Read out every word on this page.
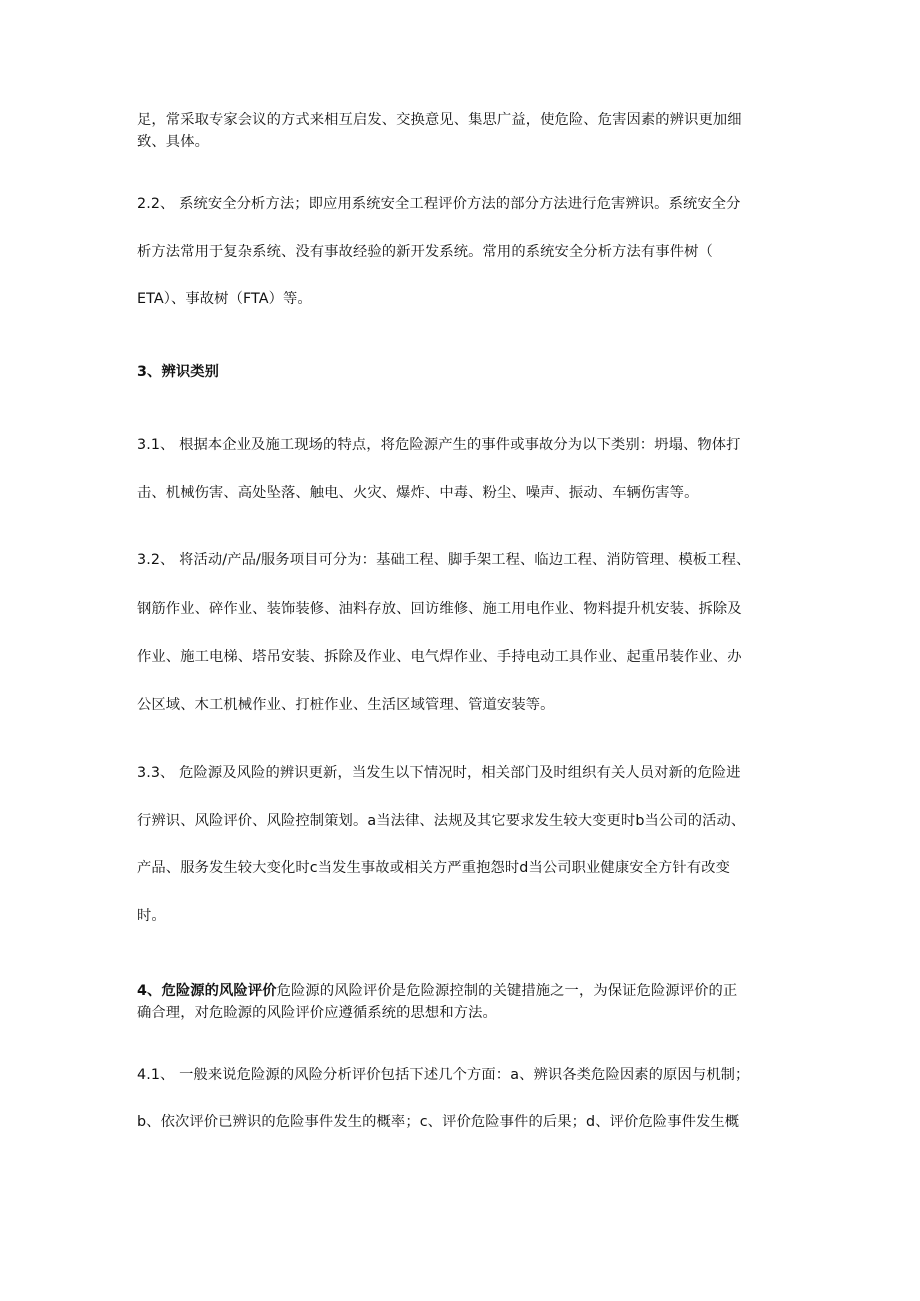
足，常采取专家会议的方式来相互启发、交换意见、集思广益，使危险、危害因素的辨识更加细
致、具体。
2.2、 系统安全分析方法；即应用系统安全工程评价方法的部分方法进行危害辨识。系统安全分
析方法常用于复杂系统、没有事故经验的新开发系统。常用的系统安全分析方法有事件树（
ETA）、事故树（FTA）等。
3、辨识类别
3.1、 根据本企业及施工现场的特点，将危险源产生的事件或事故分为以下类别：坍塌、物体打
击、机械伤害、高处坠落、触电、火灾、爆炸、中毒、粉尘、噪声、振动、车辆伤害等。
3.2、 将活动/产品/服务项目可分为：基础工程、脚手架工程、临边工程、消防管理、模板工程、
钢筋作业、碎作业、装饰装修、油料存放、回访维修、施工用电作业、物料提升机安装、拆除及
作业、施工电梯、塔吊安装、拆除及作业、电气焊作业、手持电动工具作业、起重吊装作业、办
公区域、木工机械作业、打桩作业、生活区域管理、管道安装等。
3.3、 危险源及风险的辨识更新，当发生以下情况时，相关部门及时组织有关人员对新的危险进
行辨识、风险评价、风险控制策划。a当法律、法规及其它要求发生较大变更时b当公司的活动、
产品、服务发生较大变化时c当发生事故或相关方严重抱怨时d当公司职业健康安全方针有改变
时。
4、危险源的风险评价危险源的风险评价是危险源控制的关键措施之一，为保证危险源评价的正
确合理，对危睑源的风险评价应遵循系统的思想和方法。
4.1、 一般来说危险源的风险分析评价包括下述几个方面：a、辨识各类危险因素的原因与机制；
b、依次评价已辨识的危险事件发生的概率；c、评价危险事件的后果；d、评价危险事件发生概
